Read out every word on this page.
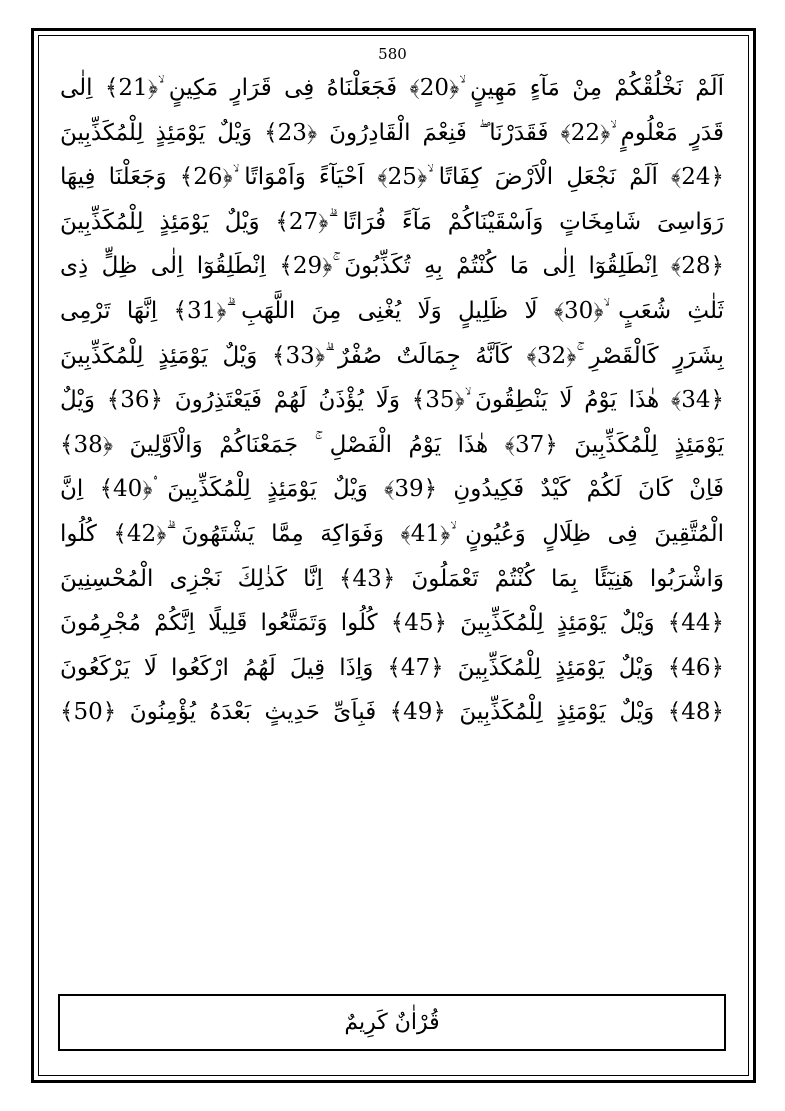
580
اَلَمْ نَخْلُقْكُمْ مِنْ مَآءٍ مَهِينٍ ۙ﴿20﴾ فَجَعَلْنَاهُ فِى قَرَارٍ مَكِينٍ ۙ﴿21﴾ اِلٰى
قَدَرٍ مَعْلُومٍ ۙ﴿22﴾ فَقَدَرْنَا ۖ فَنِعْمَ الْقَادِرُونَ ﴿23﴾ وَيْلٌ يَوْمَئِذٍ لِلْمُكَذِّبِينَ
﴿24﴾ اَلَمْ نَجْعَلِ الْاَرْضَ كِفَاتًا ۙ﴿25﴾ اَحْيَآءً وَاَمْوَاتًا ۙ﴿26﴾ وَجَعَلْنَا فِيهَا
رَوَاسِىَ شَامِخَاتٍ وَاَسْقَيْنَاكُمْ مَآءً فُرَاتًا ۗ﴿27﴾ وَيْلٌ يَوْمَئِذٍ لِلْمُكَذِّبِينَ
﴿28﴾ اِنْطَلِقُوٓا اِلٰى مَا كُنْتُمْ بِهِ تُكَذِّبُونَ ۚ﴿29﴾ اِنْطَلِقُوٓا اِلٰى ظِلٍّ ذِى
ثَلٰثِ شُعَبٍ ۙ﴿30﴾ لَا ظَلِيلٍ وَلَا يُغْنِى مِنَ اللَّهَبِ ۗ﴿31﴾ اِنَّهَا تَرْمِى
بِشَرَرٍ كَالْقَصْرِ ۚ﴿32﴾ كَاَنَّهُ جِمَالَتٌ صُفْرٌ ۗ﴿33﴾ وَيْلٌ يَوْمَئِذٍ لِلْمُكَذِّبِينَ
﴿34﴾ هٰذَا يَوْمُ لَا يَنْطِقُونَ ۙ﴿35﴾ وَلَا يُؤْذَنُ لَهُمْ فَيَعْتَذِرُونَ ﴿36﴾ وَيْلٌ
يَوْمَئِذٍ لِلْمُكَذِّبِينَ ﴿37﴾ هٰذَا يَوْمُ الْفَصْلِ ۚ جَمَعْنَاكُمْ وَالْاَوَّلِينَ ﴿38﴾
فَاِنْ كَانَ لَكُمْ كَيْدٌ فَكِيدُونِ ﴿39﴾ وَيْلٌ يَوْمَئِذٍ لِلْمُكَذِّبِينَ ۟﴿40﴾ اِنَّ
الْمُتَّقِينَ فِى ظِلَالٍ وَعُيُونٍ ۙ﴿41﴾ وَفَوَاكِهَ مِمَّا يَشْتَهُونَ ۗ﴿42﴾ كُلُوا
وَاشْرَبُوا هَنِيٓئًا بِمَا كُنْتُمْ تَعْمَلُونَ ﴿43﴾ اِنَّا كَذٰلِكَ نَجْزِى الْمُحْسِنِينَ
﴿44﴾ وَيْلٌ يَوْمَئِذٍ لِلْمُكَذِّبِينَ ﴿45﴾ كُلُوا وَتَمَتَّعُوا قَلِيلًا اِنَّكُمْ مُجْرِمُونَ
﴿46﴾ وَيْلٌ يَوْمَئِذٍ لِلْمُكَذِّبِينَ ﴿47﴾ وَاِذَا قِيلَ لَهُمُ ارْكَعُوا لَا يَرْكَعُونَ
﴿48﴾ وَيْلٌ يَوْمَئِذٍ لِلْمُكَذِّبِينَ ﴿49﴾ فَبِاَىِّ حَدِيثٍ بَعْدَهُ يُؤْمِنُونَ ﴿50﴾
قُرْاٰنٌ كَرِيمٌ
